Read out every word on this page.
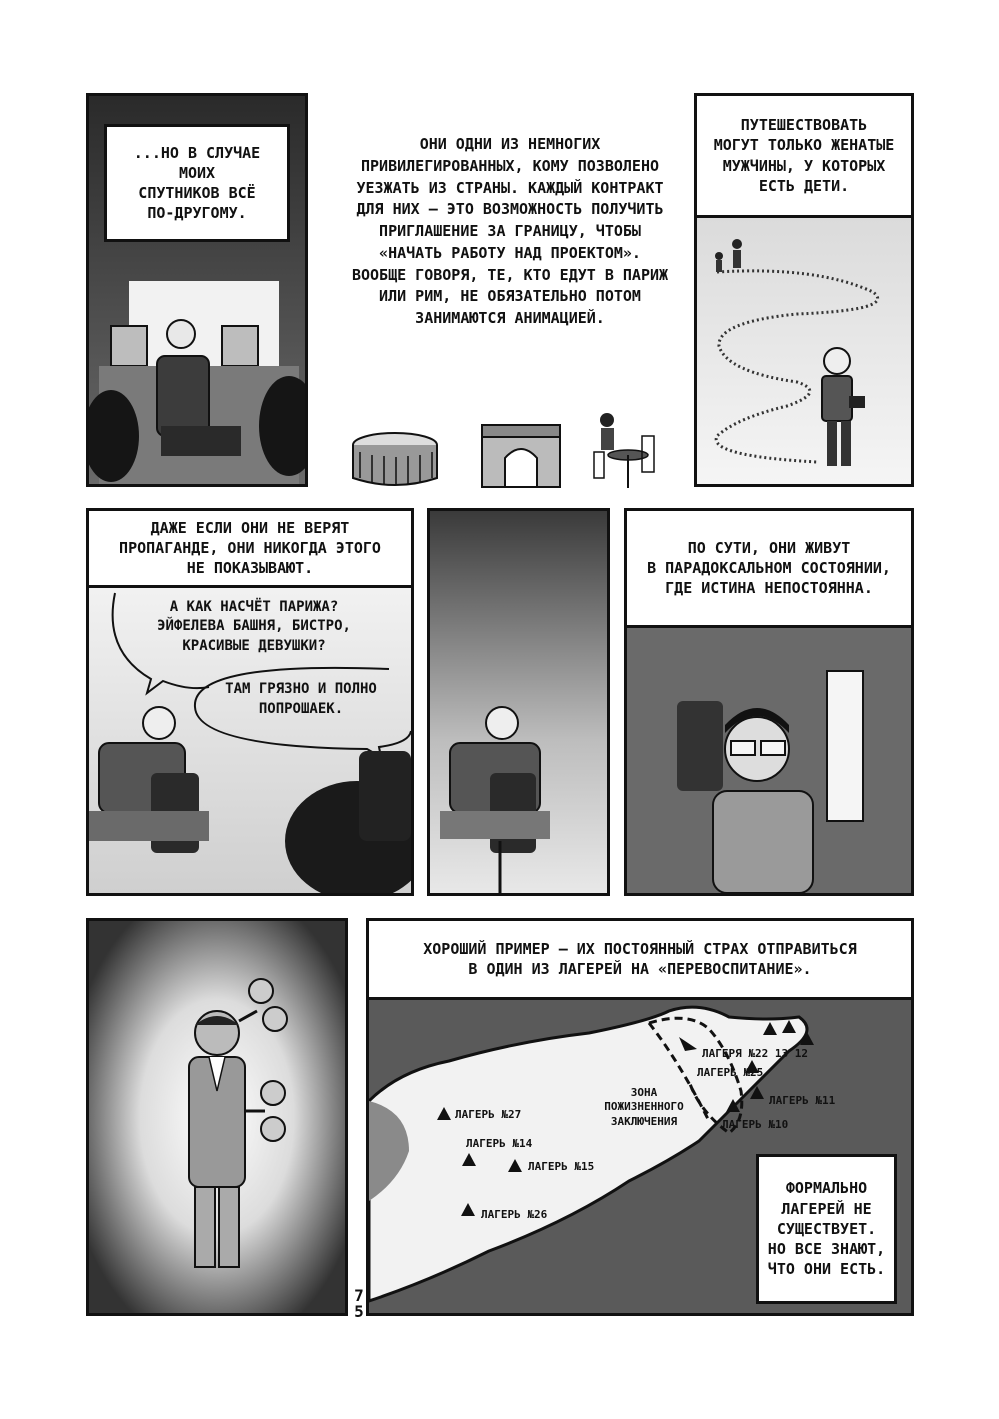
...НО В СЛУЧАЕ МОИХ
СПУТНИКОВ ВСЁ
ПО-ДРУГОМУ.
ОНИ ОДНИ ИЗ НЕМНОГИХ
ПРИВИЛЕГИРОВАННЫХ, КОМУ ПОЗВОЛЕНО
УЕЗЖАТЬ ИЗ СТРАНЫ. КАЖДЫЙ КОНТРАКТ
ДЛЯ НИХ – ЭТО ВОЗМОЖНОСТЬ ПОЛУЧИТЬ
ПРИГЛАШЕНИЕ ЗА ГРАНИЦУ, ЧТОБЫ
«НАЧАТЬ РАБОТУ НАД ПРОЕКТОМ».
ВООБЩЕ ГОВОРЯ, ТЕ, КТО ЕДУТ В ПАРИЖ
ИЛИ РИМ, НЕ ОБЯЗАТЕЛЬНО ПОТОМ
ЗАНИМАЮТСЯ АНИМАЦИЕЙ.
ПУТЕШЕСТВОВАТЬ
МОГУТ ТОЛЬКО ЖЕНАТЫЕ
МУЖЧИНЫ, У КОТОРЫХ
ЕСТЬ ДЕТИ.
ДАЖЕ ЕСЛИ ОНИ НЕ ВЕРЯТ
ПРОПАГАНДЕ, ОНИ НИКОГДА ЭТОГО
НЕ ПОКАЗЫВАЮТ.
А КАК НАСЧЁТ ПАРИЖА?
ЭЙФЕЛЕВА БАШНЯ, БИСТРО,
КРАСИВЫЕ ДЕВУШКИ?
ТАМ ГРЯЗНО И ПОЛНО
ПОПРОШАЕК.
ПО СУТИ, ОНИ ЖИВУТ
В ПАРАДОКСАЛЬНОМ СОСТОЯНИИ,
ГДЕ ИСТИНА НЕПОСТОЯННА.
7
5
ХОРОШИЙ ПРИМЕР – ИХ ПОСТОЯННЫЙ СТРАХ ОТПРАВИТЬСЯ
В ОДИН ИЗ ЛАГЕРЕЙ НА «ПЕРЕВОСПИТАНИЕ».
ЛАГЕРЬ №27
ЛАГЕРЬ №14
ЛАГЕРЬ №15
ЛАГЕРЬ №26
ЗОНА
ПОЖИЗНЕННОГО
ЗАКЛЮЧЕНИЯ
ЛАГЕРЯ №22 13 12
ЛАГЕРЬ №25
ЛАГЕРЬ №11
ЛАГЕРЬ №10
ФОРМАЛЬНО
ЛАГЕРЕЙ НЕ
СУЩЕСТВУЕТ.
НО ВСЕ ЗНАЮТ,
ЧТО ОНИ ЕСТЬ.
